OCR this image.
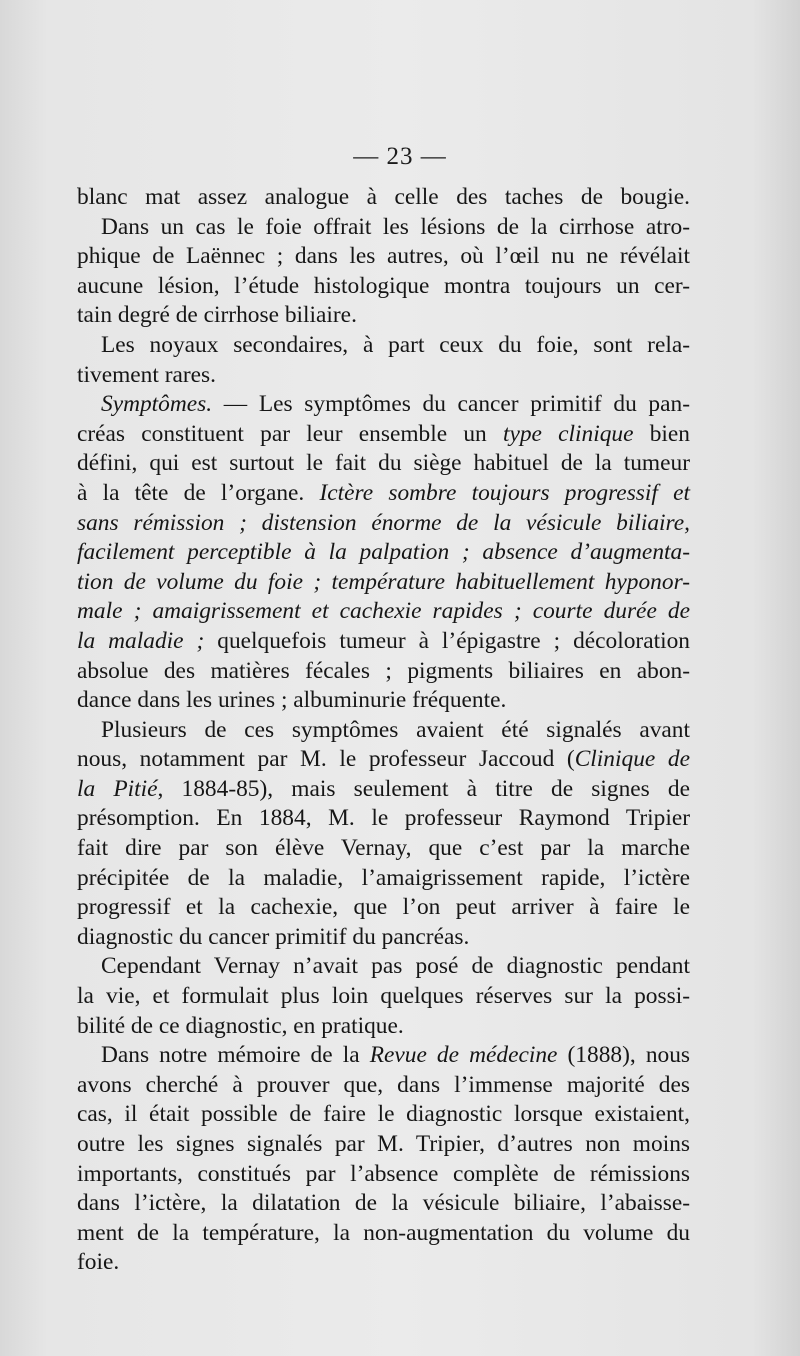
— 23 —

blanc mat assez analogue à celle des taches de bougie.

Dans un cas le foie offrait les lésions de la cirrhose atro-
phique de Laënnec ; dans les autres, où l’œil nu ne révélait
aucune lésion, l’étude histologique montra toujours un cer-
tain degré de cirrhose biliaire.

Les noyaux secondaires, à part ceux du foie, sont rela-
tivement rares.

Symptômes. — Les symptômes du cancer primitif du pan-
créas constituent par leur ensemble un type clinique bien
défini, qui est surtout le fait du siège habituel de la tumeur
à la tête de l’organe. Ictère sombre toujours progressif et
sans rémission ; distension énorme de la vésicule biliaire,
facilement perceptible à la palpation ; absence d’augmenta-
tion de volume du foie ; température habituellement hyponor-
male ; amaigrissement et cachexie rapides ; courte durée de
la maladie ; quelquefois tumeur à l’épigastre ; décoloration
absolue des matières fécales ; pigments biliaires en abon-
dance dans les urines ; albuminurie fréquente.

Plusieurs de ces symptômes avaient été signalés avant
nous, notamment par M. le professeur Jaccoud (Clinique de
la Pitié, 1884-85), mais seulement à titre de signes de
présomption. En 1884, M. le professeur Raymond Tripier
fait dire par son élève Vernay, que c’est par la marche
précipitée de la maladie, l’amaigrissement rapide, l’ictère
progressif et la cachexie, que l’on peut arriver à faire le
diagnostic du cancer primitif du pancréas.

Cependant Vernay n’avait pas posé de diagnostic pendant
la vie, et formulait plus loin quelques réserves sur la possi-
bilité de ce diagnostic, en pratique.

Dans notre mémoire de la Revue de médecine (1888), nous
avons cherché à prouver que, dans l’immense majorité des
cas, il était possible de faire le diagnostic lorsque existaient,
outre les signes signalés par M. Tripier, d’autres non moins
importants, constitués par l’absence complète de rémissions
dans l’ictère, la dilatation de la vésicule biliaire, l’abaisse-
ment de la température, la non-augmentation du volume du
foie.
